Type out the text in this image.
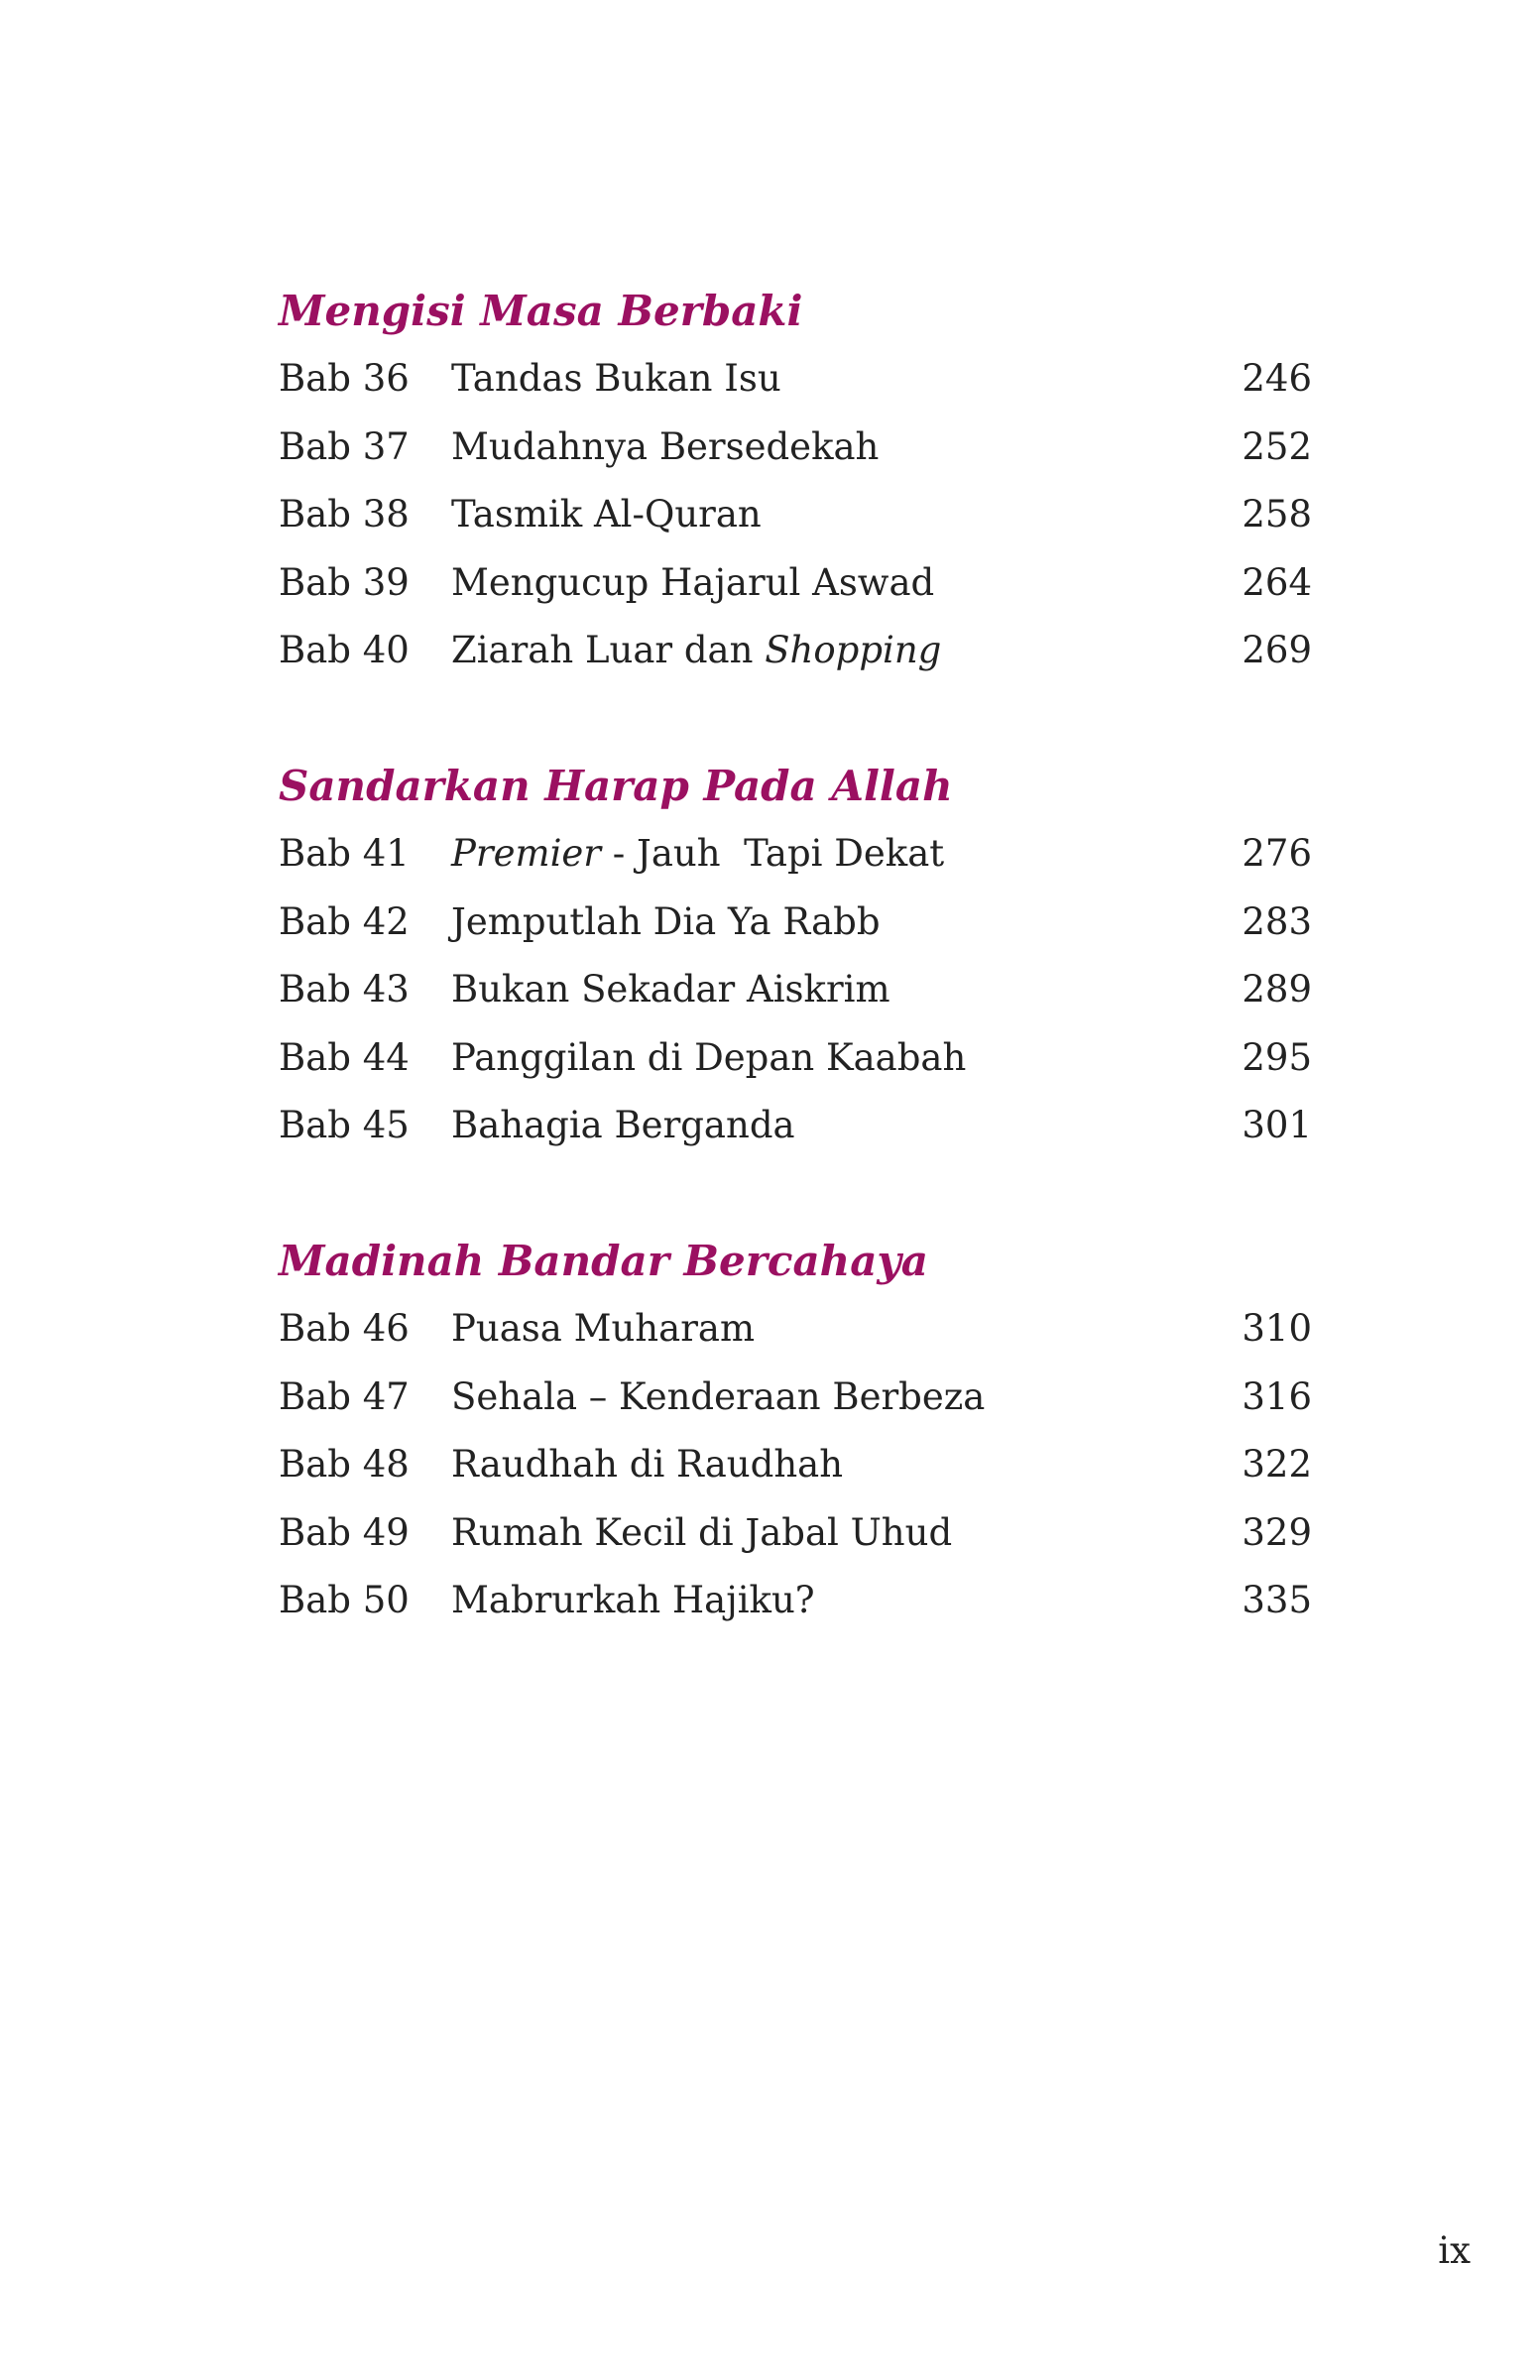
Mengisi Masa Berbaki
Bab 36	Tandas Bukan Isu	246
Bab 37	Mudahnya Bersedekah	252
Bab 38	Tasmik Al-Quran	258
Bab 39	Mengucup Hajarul Aswad	264
Bab 40	Ziarah Luar dan Shopping	269
Sandarkan Harap Pada Allah
Bab 41	Premier - Jauh  Tapi Dekat	276
Bab 42	Jemputlah Dia Ya Rabb	283
Bab 43	Bukan Sekadar Aiskrim	289
Bab 44	Panggilan di Depan Kaabah	295
Bab 45	Bahagia Berganda	301
Madinah Bandar Bercahaya
Bab 46	Puasa Muharam	310
Bab 47	Sehala – Kenderaan Berbeza	316
Bab 48	Raudhah di Raudhah	322
Bab 49	Rumah Kecil di Jabal Uhud	329
Bab 50	Mabrurkah Hajiku?	335
ix
